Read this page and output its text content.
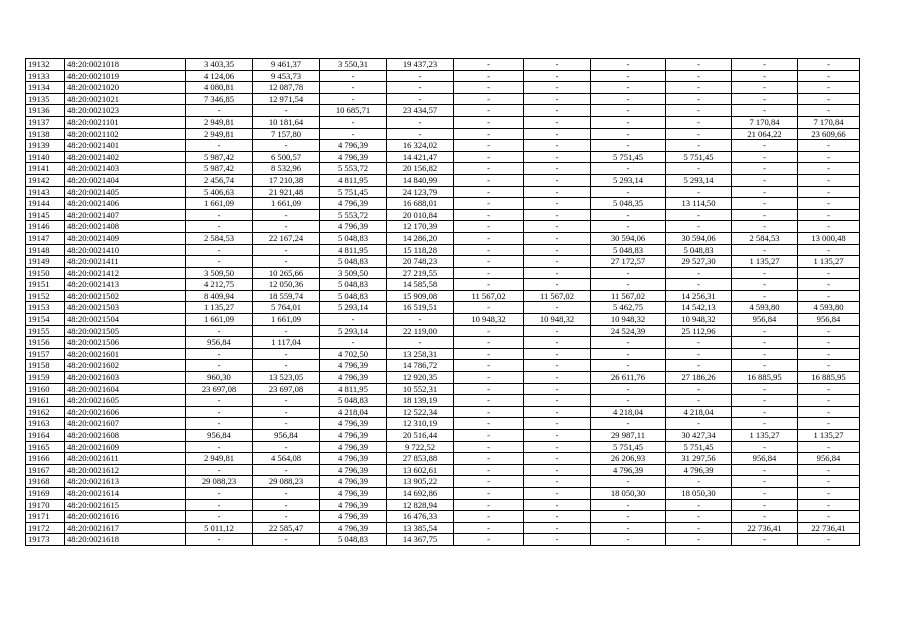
19132	48:20:0021018	3 403,35	9 461,37	3 550,31	19 437,23	-	-	-	-	-	-
19133	48:20:0021019	4 124,06	9 453,73	-	-	-	-	-	-	-	-
19134	48:20:0021020	4 080,81	12 087,78	-	-	-	-	-	-	-	-
19135	48:20:0021021	7 346,85	12 971,54	-	-	-	-	-	-	-	-
19136	48:20:0021023	-	-	10 685,71	23 434,57	-	-	-	-	-	-
19137	48:20:0021101	2 949,81	10 181,64	-	-	-	-	-	-	7 170,84	7 170,84
19138	48:20:0021102	2 949,81	7 157,80	-	-	-	-	-	-	21 064,22	23 609,66
19139	48:20:0021401	-	-	4 796,39	16 324,02	-	-	-	-	-	-
19140	48:20:0021402	5 987,42	6 500,57	4 796,39	14 421,47	-	-	5 751,45	5 751,45	-	-
19141	48:20:0021403	5 987,42	8 532,96	5 553,72	20 156,82	-	-	-	-	-	-
19142	48:20:0021404	2 456,74	17 210,38	4 811,95	14 840,99	-	-	5 293,14	5 293,14	-	-
19143	48:20:0021405	5 406,63	21 921,48	5 751,45	24 123,79	-	-	-	-	-	-
19144	48:20:0021406	1 661,09	1 661,09	4 796,39	16 688,01	-	-	5 048,35	13 114,50	-	-
19145	48:20:0021407	-	-	5 553,72	20 010,84	-	-	-	-	-	-
19146	48:20:0021408	-	-	4 796,39	12 170,39	-	-	-	-	-	-
19147	48:20:0021409	2 584,53	22 167,24	5 048,83	14 286,20	-	-	30 594,06	30 594,06	2 584,53	13 000,48
19148	48:20:0021410	-	-	4 811,95	15 118,28	-	-	5 048,83	5 048,83	-	-
19149	48:20:0021411	-	-	5 048,83	20 748,23	-	-	27 172,57	29 527,30	1 135,27	1 135,27
19150	48:20:0021412	3 509,50	10 265,66	3 509,50	27 219,55	-	-	-	-	-	-
19151	48:20:0021413	4 212,75	12 050,36	5 048,83	14 585,58	-	-	-	-	-	-
19152	48:20:0021502	8 409,94	18 559,74	5 048,83	15 909,08	11 567,02	11 567,02	11 567,02	14 256,31	-	-
19153	48:20:0021503	1 135,27	5 764,01	5 293,14	16 519,51	-	-	5 462,75	14 542,13	4 593,80	4 593,80
19154	48:20:0021504	1 661,09	1 661,09	-	-	10 948,32	10 948,32	10 948,32	10 948,32	956,84	956,84
19155	48:20:0021505	-	-	5 293,14	22 119,00	-	-	24 524,39	25 112,96	-	-
19156	48:20:0021506	956,84	1 117,04	-	-	-	-	-	-	-	-
19157	48:20:0021601	-	-	4 702,50	13 258,31	-	-	-	-	-	-
19158	48:20:0021602	-	-	4 796,39	14 786,72	-	-	-	-	-	-
19159	48:20:0021603	960,30	13 523,05	4 796,39	12 920,35	-	-	26 611,76	27 186,26	16 885,95	16 885,95
19160	48:20:0021604	23 697,08	23 697,08	4 811,95	10 552,31	-	-	-	-	-	-
19161	48:20:0021605	-	-	5 048,83	18 139,19	-	-	-	-	-	-
19162	48:20:0021606	-	-	4 218,04	12 522,34	-	-	4 218,04	4 218,04	-	-
19163	48:20:0021607	-	-	4 796,39	12 310,19	-	-	-	-	-	-
19164	48:20:0021608	956,84	956,84	4 796,39	20 516,44	-	-	29 987,11	30 427,34	1 135,27	1 135,27
19165	48:20:0021609	-	-	4 796,39	9 722,52	-	-	5 751,45	5 751,45	-	-
19166	48:20:0021611	2 949,81	4 564,08	4 796,39	27 853,88	-	-	26 206,93	31 297,56	956,84	956,84
19167	48:20:0021612	-	-	4 796,39	13 602,61	-	-	4 796,39	4 796,39	-	-
19168	48:20:0021613	29 088,23	29 088,23	4 796,39	13 905,22	-	-	-	-	-	-
19169	48:20:0021614	-	-	4 796,39	14 692,86	-	-	18 050,30	18 050,30	-	-
19170	48:20:0021615	-	-	4 796,39	12 828,94	-	-	-	-	-	-
19171	48:20:0021616	-	-	4 796,39	16 476,33	-	-	-	-	-	-
19172	48:20:0021617	5 011,12	22 585,47	4 796,39	13 385,54	-	-	-	-	22 736,41	22 736,41
19173	48:20:0021618	-	-	5 048,83	14 367,75	-	-	-	-	-	-
